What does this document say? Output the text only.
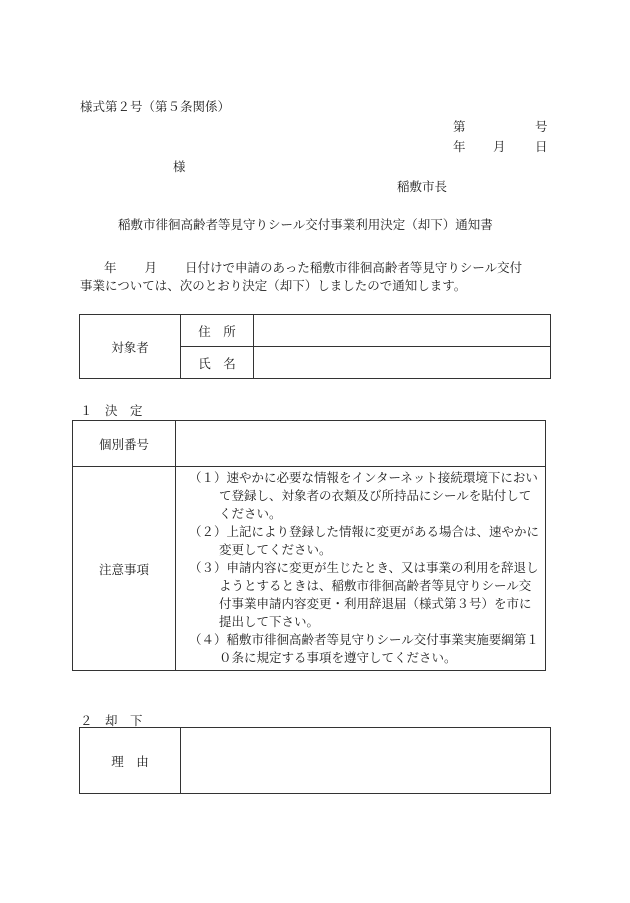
様式第２号（第５条関係）
第	号
年 月 日
様
稲敷市長
稲敷市徘徊高齢者等見守りシール交付事業利用決定（却下）通知書
年 月 日付けで申請のあった稲敷市徘徊高齢者等見守りシール交付
事業については、次のとおり決定（却下）しましたので通知します。
対象者	住　所	
	氏　名	
１　決　定
個別番号	
注意事項	（１）速やかに必要な情報をインターネット接続環境下において登録し、対象者の衣類及び所持品にシールを貼付してください。
（２）上記により登録した情報に変更がある場合は、速やかに変更してください。
（３）申請内容に変更が生じたとき、又は事業の利用を辞退しようとするときは、稲敷市徘徊高齢者等見守りシール交付事業申請内容変更・利用辞退届（様式第３号）を市に提出して下さい。
（４）稲敷市徘徊高齢者等見守りシール交付事業実施要綱第１０条に規定する事項を遵守してください。
２　却　下
理　由	
